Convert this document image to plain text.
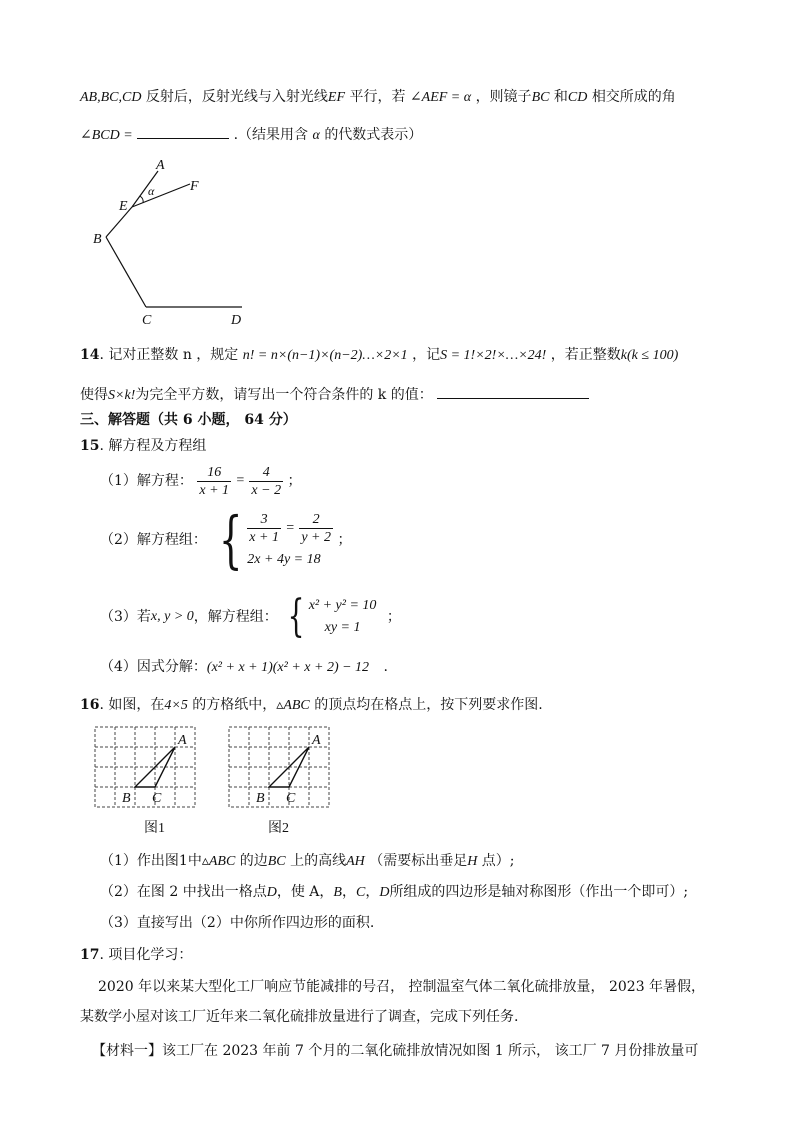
AB,BC,CD 反射后，反射光线与入射光线EF 平行，若 ∠AEF = α ，则镜子BC 和CD 相交所成的角
∠BCD =	.（结果用含 α 的代数式表示）
A
α	F
E
B
C	D
14. 记对正整数 n ，规定 n! = n×(n−1)×(n−2)…×2×1 ，记S = 1!×2!×…×24! ，若正整数k(k ≤ 100)
使得S×k!为完全平方数，请写出一个符合条件的 k 的值：
三、解答题（共 6 小题， 64 分）
15. 解方程及方程组
（1）解方程： $\frac{16}{x + 1} = \frac{4}{x - 2}$ ；
（2）解方程组： { $\frac{3}{x + 1} = \frac{2}{y + 2}$
2x + 4y = 18
；
（3）若x, y > 0，解方程组： { x² + y² = 10
xy = 1
；
（4）因式分解：(x² + x + 1)(x² + x + 2) − 12 .
16. 如图，在4×5 的方格纸中，▵ABC 的顶点均在格点上，按下列要求作图.
A
B C
图1
A
B C
图2
（1）作出图1中▵ABC 的边BC 上的高线AH （需要标出垂足H 点）;
（2）在图 2 中找出一格点D，使 A，B，C，D所组成的四边形是轴对称图形（作出一个即可）;
（3）直接写出（2）中你所作四边形的面积.
17. 项目化学习：
2020 年以来某大型化工厂响应节能减排的号召， 控制温室气体二氧化硫排放量， 2023 年暑假，
某数学小屋对该工厂近年来二氧化硫排放量进行了调查，完成下列任务.
【材料一】该工厂在 2023 年前 7 个月的二氧化硫排放情况如图 1 所示， 该工厂 7 月份排放量可
